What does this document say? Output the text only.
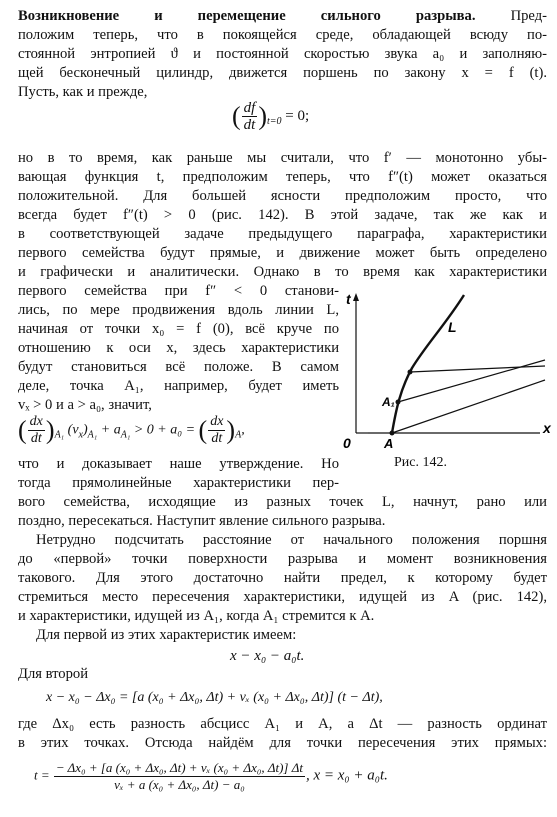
Возникновение и перемещение сильного разрыва. Пред-
положим теперь, что в покоящейся среде, обладающей всюду по-
стоянной энтропией ϑ и постоянной скоростью звука a₀ и заполняю-
щей бесконечный цилиндр, движется поршень по закону x = f (t).
Пусть, как и прежде,
( $\frac{df}{dt} )_{t=0} = 0$;
но в то время, как раньше мы считали, что f′ — монотонно убы-
вающая функция t, предположим теперь, что f″(t) может оказаться
положительной. Для большей ясности предположим просто, что
всегда будет f″(t) > 0 (рис. 142). В этой задаче, так же как и
в соответствующей задаче предыдущего параграфа, характеристики
первого семейства будут прямые, и движение может быть определено
и графически и аналитически. Однако в то время как характеристики
первого семейства при f″ < 0 станови-
лись, по мере продвижения вдоль линии L,
начиная от точки x₀ = f (0), всё круче по
отношению к оси x, здесь характеристики
будут становиться всё положе. В самом
деле, точка A₁, например, будет иметь
vₓ > 0 и a > a₀, значит,
( $\frac{dx}{dt} )_{A_1}$ $(v_x)_{A_1} + a_{A_1} > 0 + a_0$ = ( $\frac{dx}{dt} )_A$,
что и доказывает наше утверждение. Но
тогда прямолинейные характеристики пер-
вого семейства, исходящие из разных точек L, начнут, рано или
поздно, пересекаться. Наступит явление сильного разрыва.
Нетрудно подсчитать расстояние от начального положения поршня
до «первой» точки поверхности разрыва и момент возникновения
такового. Для этого достаточно найти предел, к которому будет
стремиться место пересечения характеристики, идущей из A (рис. 142),
и характеристики, идущей из A₁, когда A₁ стремится к A.
Для первой из этих характеристик имеем:
x − x₀ − a₀t.
Для второй
x − x₀ − Δx₀ = [a (x₀ + Δx₀, Δt) + vₓ (x₀ + Δx₀, Δt)] (t − Δt),
где Δx₀ есть разность абсцисс A₁ и A, а Δt — разность ординат
в этих точках. Отсюда найдём для точки пересечения этих прямых:
$t = \frac{\text{− Δx₀ + [a (x₀ + Δx₀, Δt) + vₓ (x₀ + Δx₀, Δt)] Δt}}{\text{vₓ + a (x₀ + Δx₀, Δt) − a₀}}$ , x = x₀ + a₀t.
t
x
0
L
A
A₁
Рис. 142.
